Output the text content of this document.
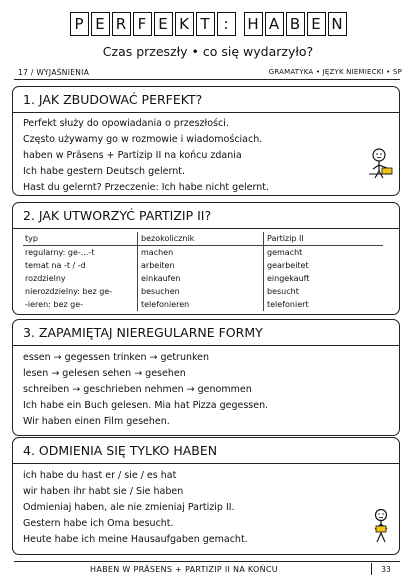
P E R F E K T : H A B E N
Czas przeszły • co się wydarzyło?
17 / WYJAŚNIENIA	GRAMATYKA • JĘZYK NIEMIECKI • SP
1. JAK ZBUDOWAĆ PERFEKT?
Perfekt służy do opowiadania o przeszłości.
Często używamy go w rozmowie i wiadomościach.
haben w Präsens + Partizip II na końcu zdania
Ich habe gestern Deutsch gelernt.
Hast du gelernt? Przeczenie: Ich habe nicht gelernt.
2. JAK UTWORZYĆ PARTIZIP II?
typ	bezokolicznik	Partizip II
regularny: ge-...-t	machen	gemacht
temat na -t / -d	arbeiten	gearbeitet
rozdzielny	einkaufen	eingekauft
nierozdzielny: bez ge-	besuchen	besucht
-ieren: bez ge-	telefonieren	telefoniert
3. ZAPAMIĘTAJ NIEREGULARNE FORMY
essen → gegessen trinken → getrunken
lesen → gelesen sehen → gesehen
schreiben → geschrieben nehmen → genommen
Ich habe ein Buch gelesen. Mia hat Pizza gegessen.
Wir haben einen Film gesehen.
4. ODMIENIA SIĘ TYLKO HABEN
ich habe du hast er / sie / es hat
wir haben ihr habt sie / Sie haben
Odmieniaj haben, ale nie zmieniaj Partizip II.
Gestern habe ich Oma besucht.
Heute habe ich meine Hausaufgaben gemacht.
HABEN W PRÄSENS + PARTIZIP II NA KOŃCU	33
